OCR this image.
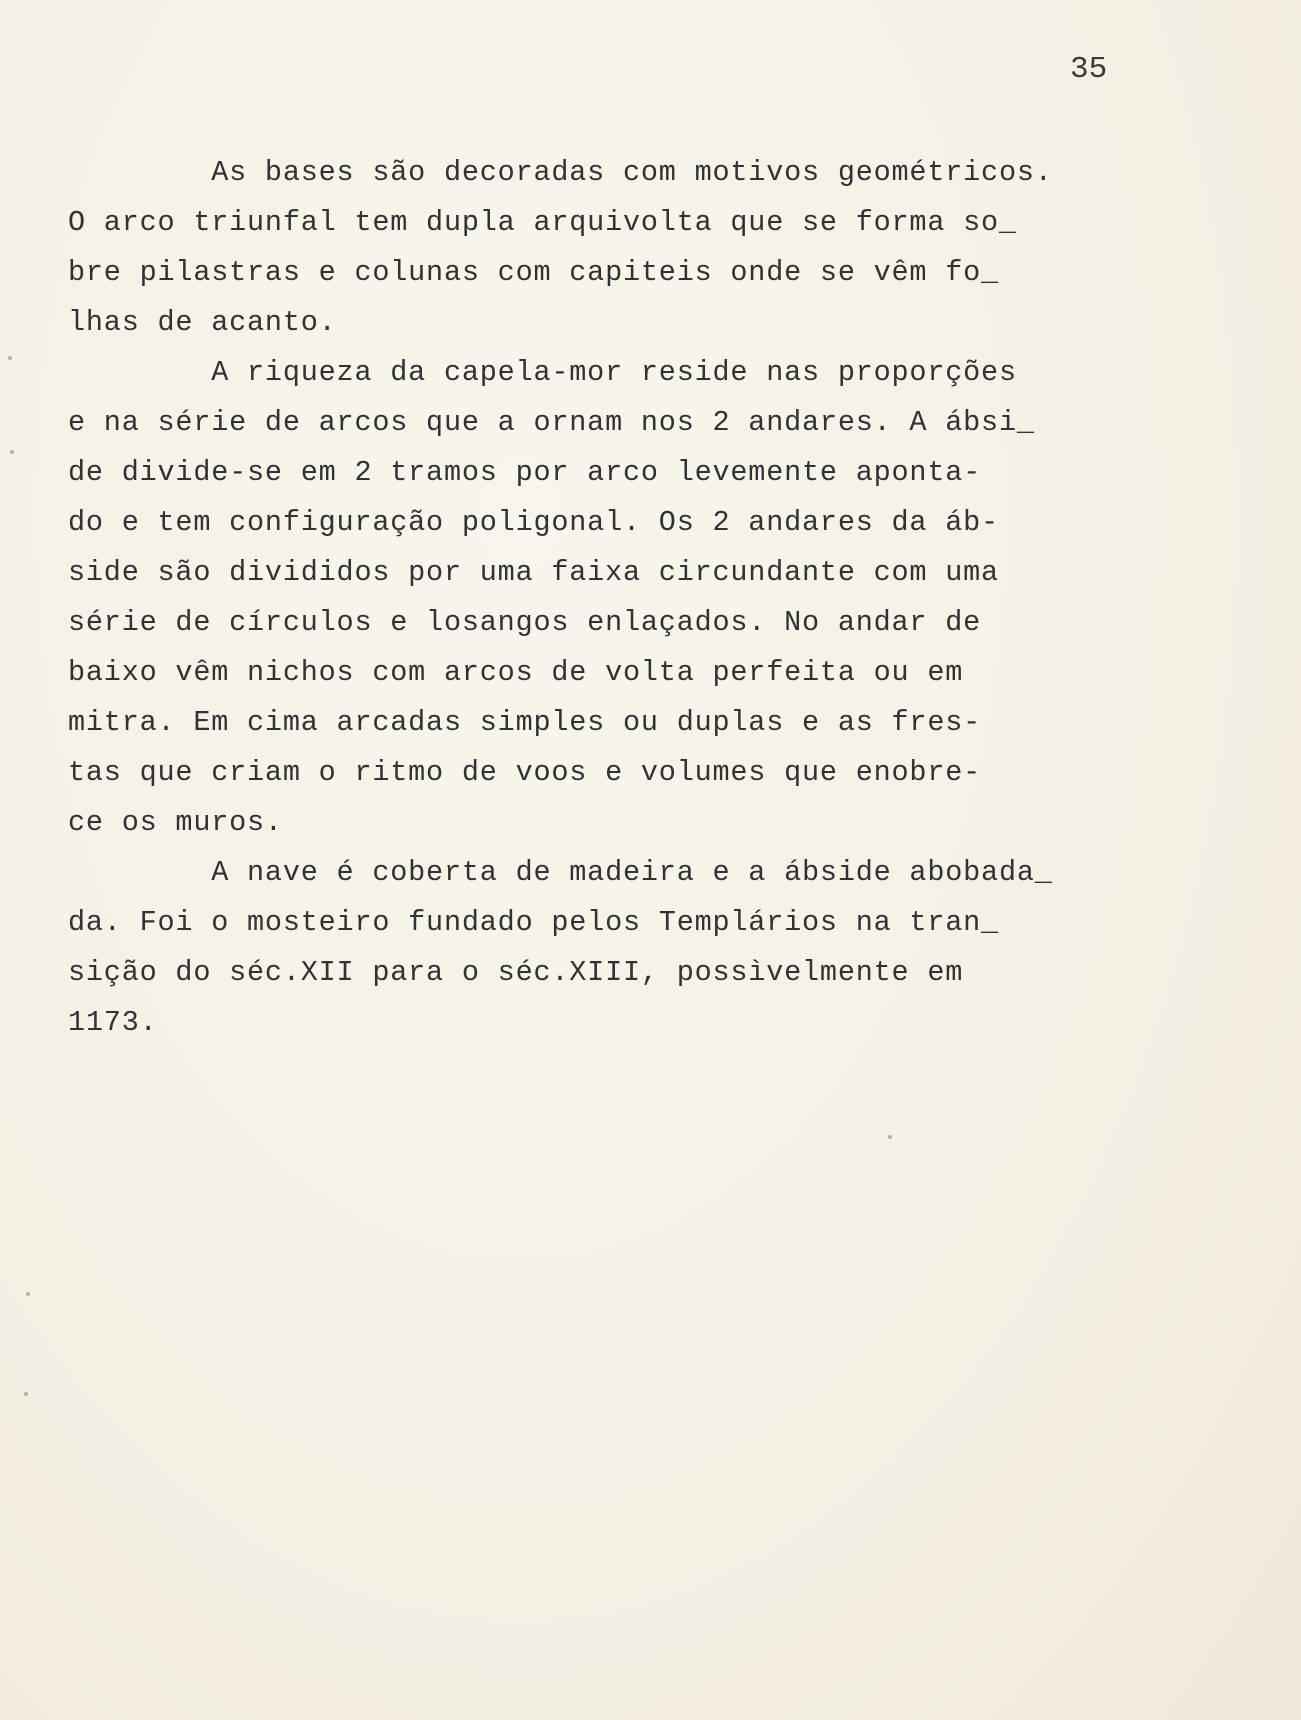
35
As bases são decoradas com motivos geométricos.
O arco triunfal tem dupla arquivolta que se forma so_
bre pilastras e colunas com capiteis onde se vêm fo_
lhas de acanto.
A riqueza da capela-mor reside nas proporções
e na série de arcos que a ornam nos 2 andares. A ábsi_
de divide-se em 2 tramos por arco levemente aponta-
do e tem configuração poligonal. Os 2 andares da áb-
side são divididos por uma faixa circundante com uma
série de círculos e losangos enlaçados. No andar de
baixo vêm nichos com arcos de volta perfeita ou em
mitra. Em cima arcadas simples ou duplas e as fres-
tas que criam o ritmo de voos e volumes que enobre-
ce os muros.
A nave é coberta de madeira e a ábside abobada_
da. Foi o mosteiro fundado pelos Templários na tran_
sição do séc.XII para o séc.XIII, possìvelmente em
1173.
